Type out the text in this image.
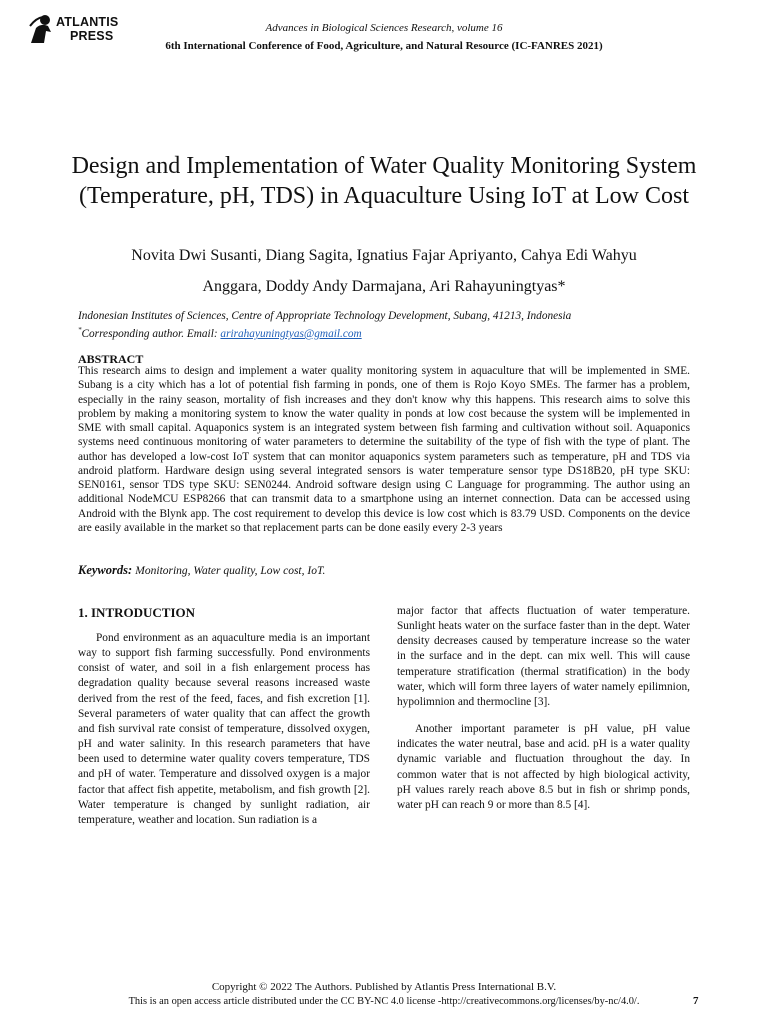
ATLANTIS
PRESS
Advances in Biological Sciences Research, volume 16
6th International Conference of Food, Agriculture, and Natural Resource (IC-FANRES 2021)
Design and Implementation of Water Quality Monitoring System (Temperature, pH, TDS) in Aquaculture Using IoT at Low Cost
Novita Dwi Susanti, Diang Sagita, Ignatius Fajar Apriyanto, Cahya Edi Wahyu
Anggara, Doddy Andy Darmajana, Ari Rahayuningtyas*
Indonesian Institutes of Sciences, Centre of Appropriate Technology Development, Subang, 41213, Indonesia
*Corresponding author. Email: arirahayuningtyas@gmail.com
ABSTRACT
This research aims to design and implement a water quality monitoring system in aquaculture that will be implemented in SME. Subang is a city which has a lot of potential fish farming in ponds, one of them is Rojo Koyo SMEs. The farmer has a problem, especially in the rainy season, mortality of fish increases and they don't know why this happens. This research aims to solve this problem by making a monitoring system to know the water quality in ponds at low cost because the system will be implemented in SME with small capital. Aquaponics system is an integrated system between fish farming and cultivation without soil. Aquaponics systems need continuous monitoring of water parameters to determine the suitability of the type of fish with the type of plant. The author has developed a low-cost IoT system that can monitor aquaponics system parameters such as temperature, pH and TDS via android platform. Hardware design using several integrated sensors is water temperature sensor type DS18B20, pH type SKU: SEN0161, sensor TDS type SKU: SEN0244. Android software design using C Language for programming. The author using an additional NodeMCU ESP8266 that can transmit data to a smartphone using an internet connection. Data can be accessed using Android with the Blynk app. The cost requirement to develop this device is low cost which is 83.79 USD. Components on the device are easily available in the market so that replacement parts can be done easily every 2-3 years
Keywords: Monitoring, Water quality, Low cost, IoT.
1. INTRODUCTION

Pond environment as an aquaculture media is an important way to support fish farming successfully. Pond environments consist of water, and soil in a fish enlargement process has degradation quality because several reasons increased waste derived from the rest of the feed, faces, and fish excretion [1]. Several parameters of water quality that can affect the growth and fish survival rate consist of temperature, dissolved oxygen, pH and water salinity. In this research parameters that have been used to determine water quality covers temperature, TDS and pH of water. Temperature and dissolved oxygen is a major factor that affect fish appetite, metabolism, and fish growth [2]. Water temperature is changed by sunlight radiation, air temperature, weather and location. Sun radiation is a

major factor that affects fluctuation of water temperature. Sunlight heats water on the surface faster than in the dept. Water density decreases caused by temperature increase so the water in the surface and in the dept. can mix well. This will cause temperature stratification (thermal stratification) in the body water, which will form three layers of water namely epilimnion, hypolimnion and thermocline [3].

Another important parameter is pH value, pH value indicates the water neutral, base and acid. pH is a water quality dynamic variable and fluctuation throughout the day. In common water that is not affected by high biological activity, pH values rarely reach above 8.5 but in fish or shrimp ponds, water pH can reach 9 or more than 8.5 [4].

Copyright © 2022 The Authors. Published by Atlantis Press International B.V.
This is an open access article distributed under the CC BY-NC 4.0 license -http://creativecommons.org/licenses/by-nc/4.0/.	7
